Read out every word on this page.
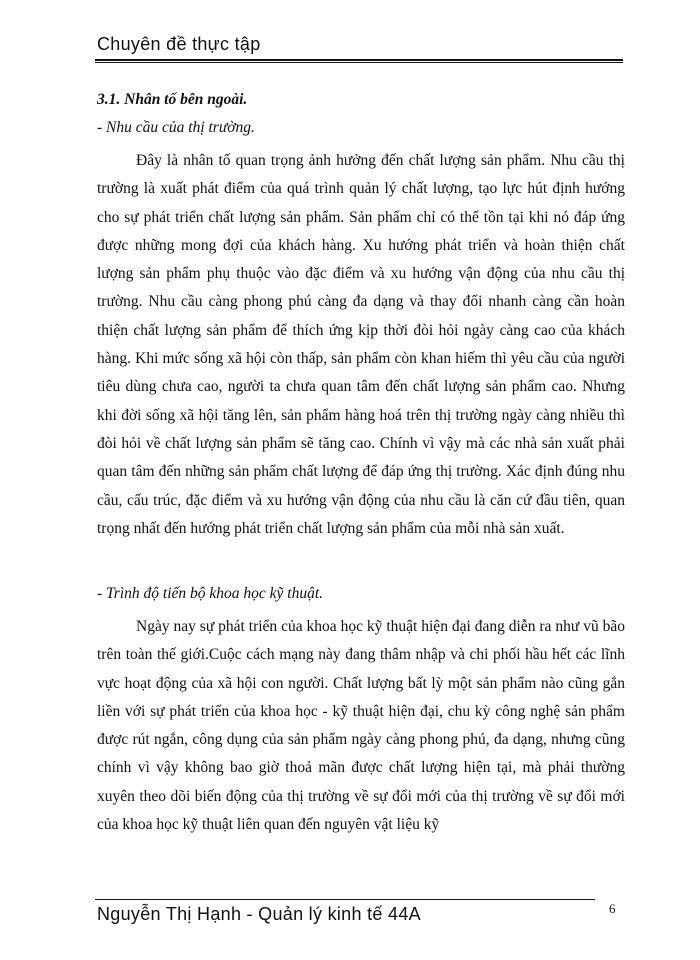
Chuyên đề thực tập
3.1. Nhân tố bên ngoài.
- Nhu cầu của thị trường.

Đây là nhân tố quan trọng ảnh hưởng đến chất lượng sản phẩm. Nhu cầu thị trường là xuất phát điểm của quá trình quản lý chất lượng, tạo lực hút định hướng cho sự phát triển chất lượng sản phẩm. Sản phẩm chỉ có thể tồn tại khi nó đáp ứng được những mong đợi của khách hàng. Xu hướng phát triển và hoàn thiện chất lượng sản phẩm phụ thuộc vào đặc điểm và xu hướng vận động của nhu cầu thị trường. Nhu cầu càng phong phú càng đa dạng và thay đổi nhanh càng cần hoàn thiện chất lượng sản phẩm để thích ứng kịp thời đòi hỏi ngày càng cao của khách hàng. Khi mức sống xã hội còn thấp, sản phẩm còn khan hiếm thì yêu cầu của người tiêu dùng chưa cao, người ta chưa quan tâm đến chất lượng sản phẩm cao. Nhưng khi đời sống xã hội tăng lên, sản phẩm hàng hoá trên thị trường ngày càng nhiều thì đòi hỏi về chất lượng sản phẩm sẽ tăng cao. Chính vì vậy mà các nhà sản xuất phải quan tâm đến những sản phẩm chất lượng để đáp ứng thị trường. Xác định đúng nhu cầu, cấu trúc, đặc điểm và xu hướng vận động của nhu cầu là căn cứ đầu tiên, quan trọng nhất đến hướng phát triển chất lượng sản phẩm của mỗi nhà sản xuất.

- Trình độ tiến bộ khoa học kỹ thuật.

Ngày nay sự phát triển của khoa học kỹ thuật hiện đại đang diễn ra như vũ bão trên toàn thế giới.Cuộc cách mạng này đang thâm nhập và chi phối hầu hết các lĩnh vực hoạt động của xã hội con người. Chất lượng bất lỳ một sản phẩm nào cũng gắn liền với sự phát triển của khoa học - kỹ thuật hiện đại, chu kỳ công nghệ sản phẩm được rút ngắn, công dụng của sản phẩm ngày càng phong phú, đa dạng, nhưng cũng chính vì vậy không bao giờ thoả mãn được chất lượng hiện tại, mà phải thường xuyên theo dõi biến động của thị trường về sự đổi mới của thị trường về sự đổi mới của khoa học kỹ thuật liên quan đến nguyên vật liệu kỹ

Nguyễn Thị Hạnh - Quản lý kinh tế 44A	6
